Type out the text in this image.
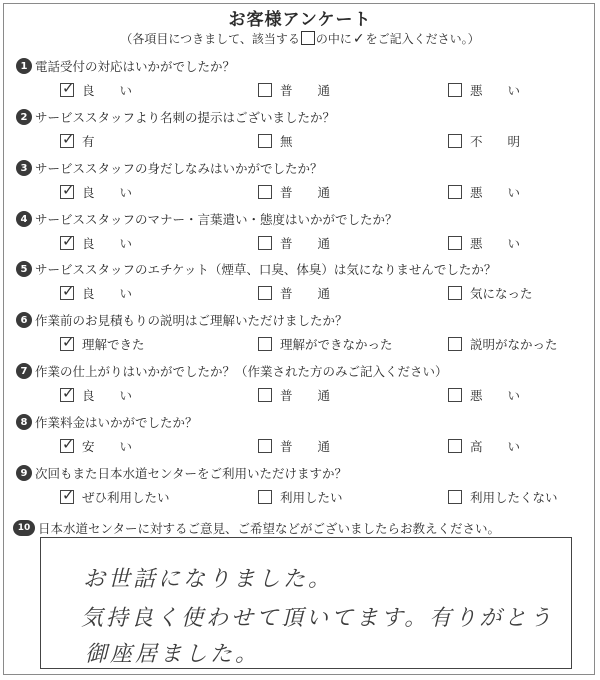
お客様アンケート
（各項目につきまして、該当する の中に✓をご記入ください。）
1 電話受付の対応はいかがでしたか？
✓ 良　　い	普　　通	悪　　い
2 サービススタッフより名刺の提示はございましたか？
✓ 有	無	不　　明
3 サービススタッフの身だしなみはいかがでしたか？
✓ 良　　い	普　　通	悪　　い
4 サービススタッフのマナー・言葉遣い・態度はいかがでしたか？
✓ 良　　い	普　　通	悪　　い
5 サービススタッフのエチケット（煙草、口臭、体臭）は気になりませんでしたか？
✓ 良　　い	普　　通	気になった
6 作業前のお見積もりの説明はご理解いただけましたか？
✓ 理解できた	理解ができなかった	説明がなかった
7 作業の仕上がりはいかがでしたか？（作業された方のみご記入ください）
✓ 良　　い	普　　通	悪　　い
8 作業料金はいかがでしたか？
✓ 安　　い	普　　通	高　　い
9 次回もまた日本水道センターをご利用いただけますか？
✓ ぜひ利用したい	利用したい	利用したくない
10 日本水道センターに対するご意見、ご希望などがございましたらお教えください。
お世話になりました。
気持良く使わせて頂いてます。有りがとう
御座居ました。
